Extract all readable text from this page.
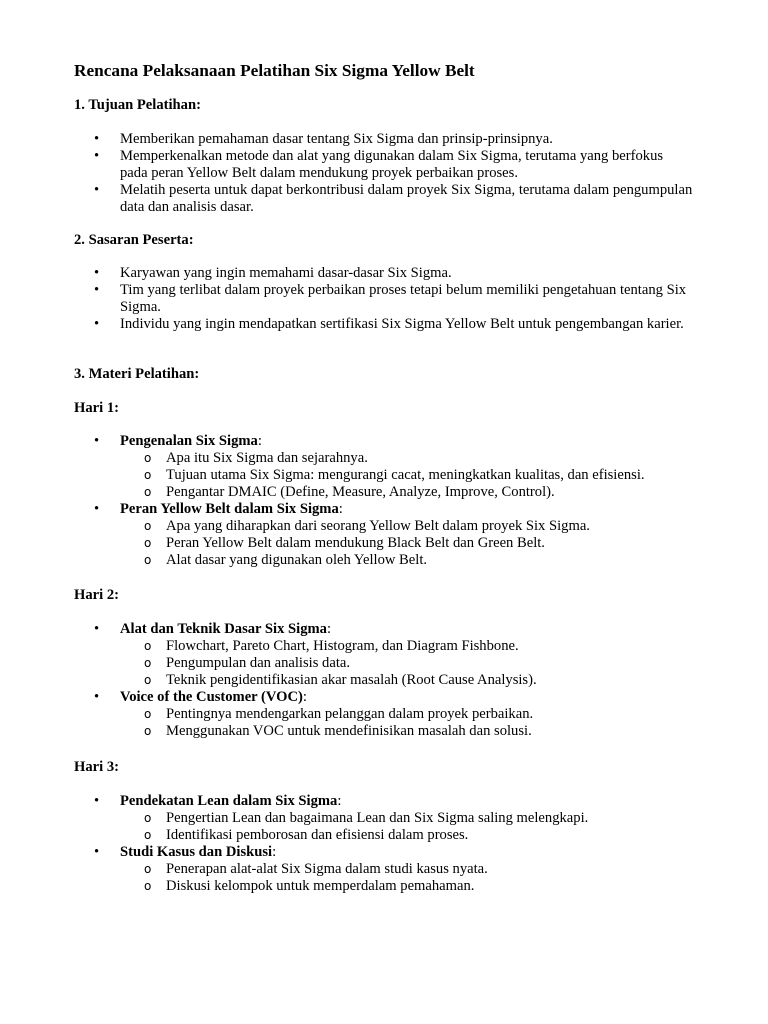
Rencana Pelaksanaan Pelatihan Six Sigma Yellow Belt
1. Tujuan Pelatihan:
• Memberikan pemahaman dasar tentang Six Sigma dan prinsip-prinsipnya.
• Memperkenalkan metode dan alat yang digunakan dalam Six Sigma, terutama yang berfokus pada peran Yellow Belt dalam mendukung proyek perbaikan proses.
• Melatih peserta untuk dapat berkontribusi dalam proyek Six Sigma, terutama dalam pengumpulan data dan analisis dasar.
2. Sasaran Peserta:
• Karyawan yang ingin memahami dasar-dasar Six Sigma.
• Tim yang terlibat dalam proyek perbaikan proses tetapi belum memiliki pengetahuan tentang Six Sigma.
• Individu yang ingin mendapatkan sertifikasi Six Sigma Yellow Belt untuk pengembangan karier.
3. Materi Pelatihan:
Hari 1:
• Pengenalan Six Sigma:
o Apa itu Six Sigma dan sejarahnya.
o Tujuan utama Six Sigma: mengurangi cacat, meningkatkan kualitas, dan efisiensi.
o Pengantar DMAIC (Define, Measure, Analyze, Improve, Control).
• Peran Yellow Belt dalam Six Sigma:
o Apa yang diharapkan dari seorang Yellow Belt dalam proyek Six Sigma.
o Peran Yellow Belt dalam mendukung Black Belt dan Green Belt.
o Alat dasar yang digunakan oleh Yellow Belt.
Hari 2:
• Alat dan Teknik Dasar Six Sigma:
o Flowchart, Pareto Chart, Histogram, dan Diagram Fishbone.
o Pengumpulan dan analisis data.
o Teknik pengidentifikasian akar masalah (Root Cause Analysis).
• Voice of the Customer (VOC):
o Pentingnya mendengarkan pelanggan dalam proyek perbaikan.
o Menggunakan VOC untuk mendefinisikan masalah dan solusi.
Hari 3:
• Pendekatan Lean dalam Six Sigma:
o Pengertian Lean dan bagaimana Lean dan Six Sigma saling melengkapi.
o Identifikasi pemborosan dan efisiensi dalam proses.
• Studi Kasus dan Diskusi:
o Penerapan alat-alat Six Sigma dalam studi kasus nyata.
o Diskusi kelompok untuk memperdalam pemahaman.
